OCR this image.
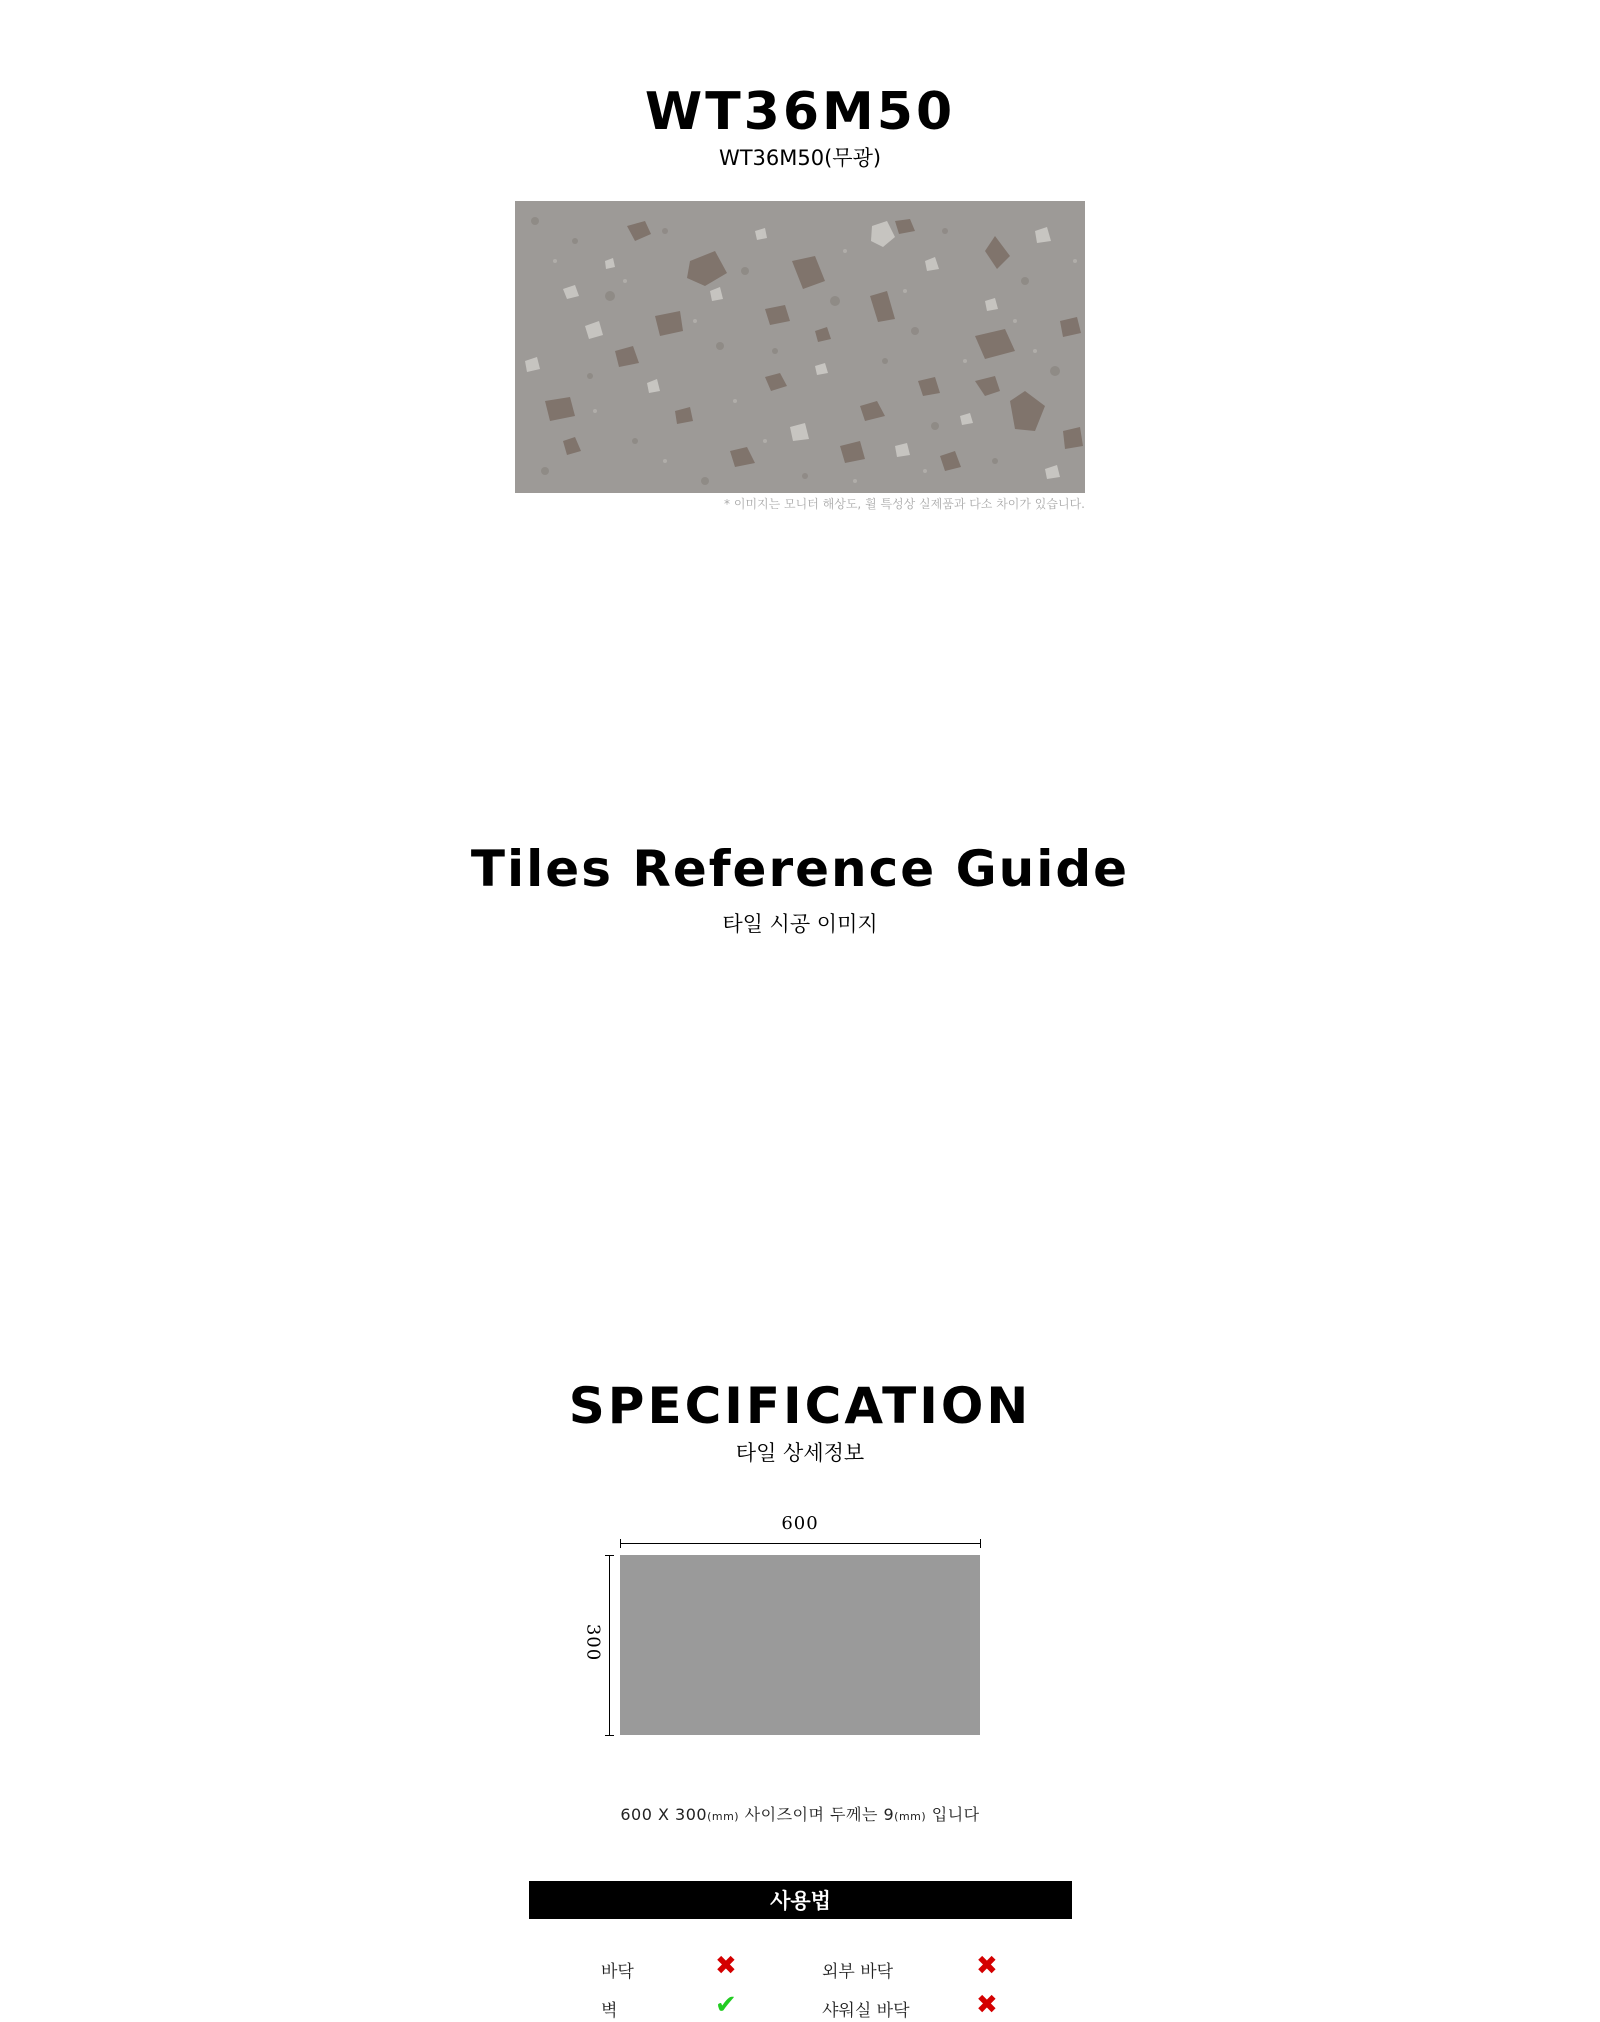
WT36M50
WT36M50(무광)
* 이미지는 모니터 해상도, 휠 특성상 실제품과 다소 차이가 있습니다.
Tiles Reference Guide
타일 시공 이미지
SPECIFICATION
타일 상세정보
600
300
600 X 300(mm) 사이즈이며 두께는 9(mm) 입니다
사용법
바닥	✖	외부 바닥	✖
벽	✔	샤워실 바닥	✖
